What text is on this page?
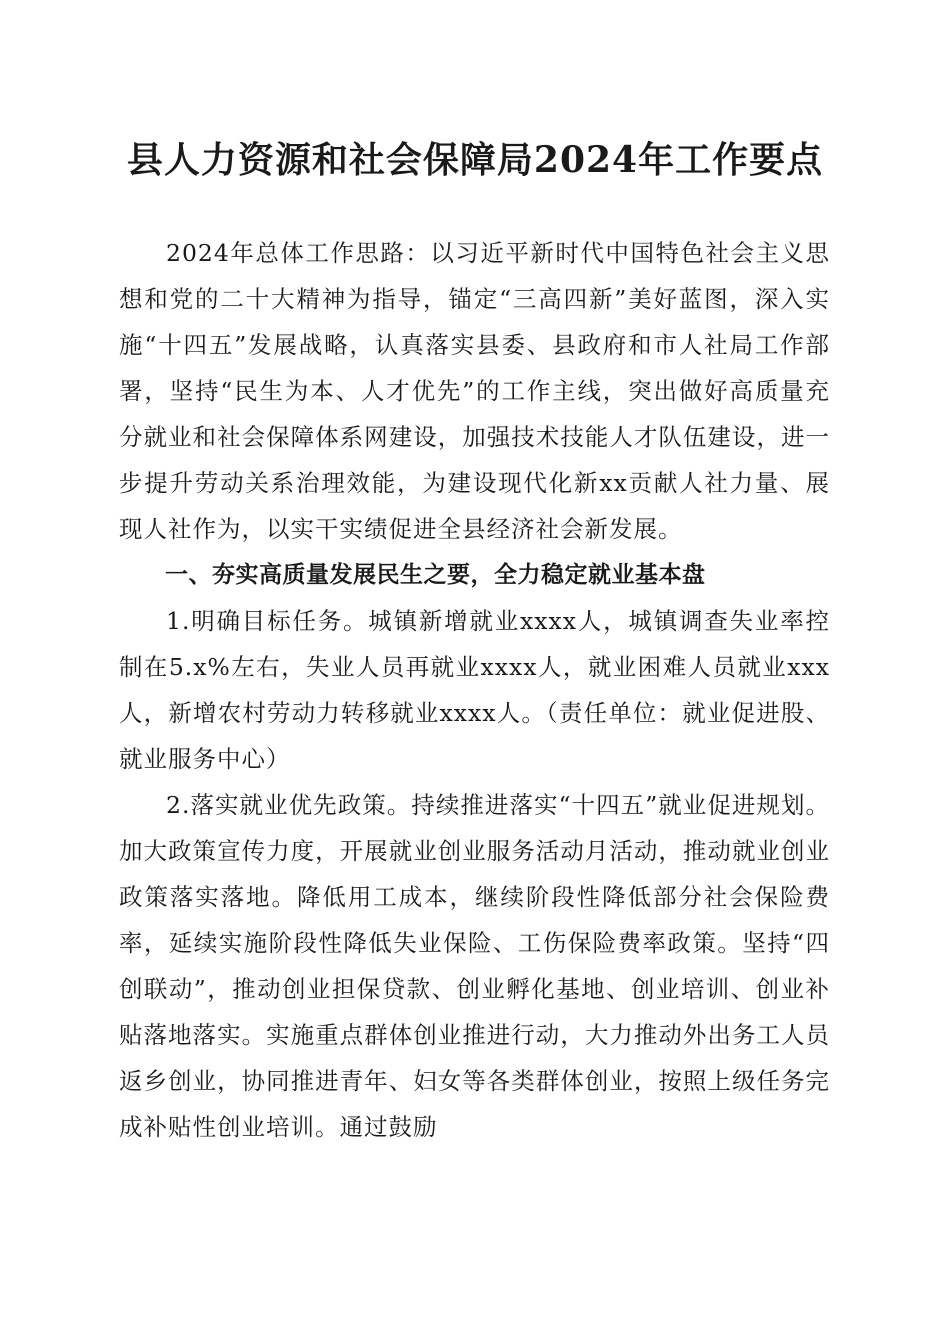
县人力资源和社会保障局2024年工作要点

2024年总体工作思路：以习近平新时代中国特色社会主义思想和党的二十大精神为指导，锚定“三高四新”美好蓝图，深入实施“十四五”发展战略，认真落实县委、县政府和市人社局工作部署，坚持“民生为本、人才优先”的工作主线，突出做好高质量充分就业和社会保障体系网建设，加强技术技能人才队伍建设，进一步提升劳动关系治理效能，为建设现代化新xx贡献人社力量、展现人社作为，以实干实绩促进全县经济社会新发展。

一、夯实高质量发展民生之要，全力稳定就业基本盘

1.明确目标任务。城镇新增就业xxxx人，城镇调查失业率控制在5.x%左右，失业人员再就业xxxx人，就业困难人员就业xxx人，新增农村劳动力转移就业xxxx人。（责任单位：就业促进股、就业服务中心）

2.落实就业优先政策。持续推进落实“十四五”就业促进规划。加大政策宣传力度，开展就业创业服务活动月活动，推动就业创业政策落实落地。降低用工成本，继续阶段性降低部分社会保险费率，延续实施阶段性降低失业保险、工伤保险费率政策。坚持“四创联动”，推动创业担保贷款、创业孵化基地、创业培训、创业补贴落地落实。实施重点群体创业推进行动，大力推动外出务工人员返乡创业，协同推进青年、妇女等各类群体创业，按照上级任务完成补贴性创业培训。通过鼓励
